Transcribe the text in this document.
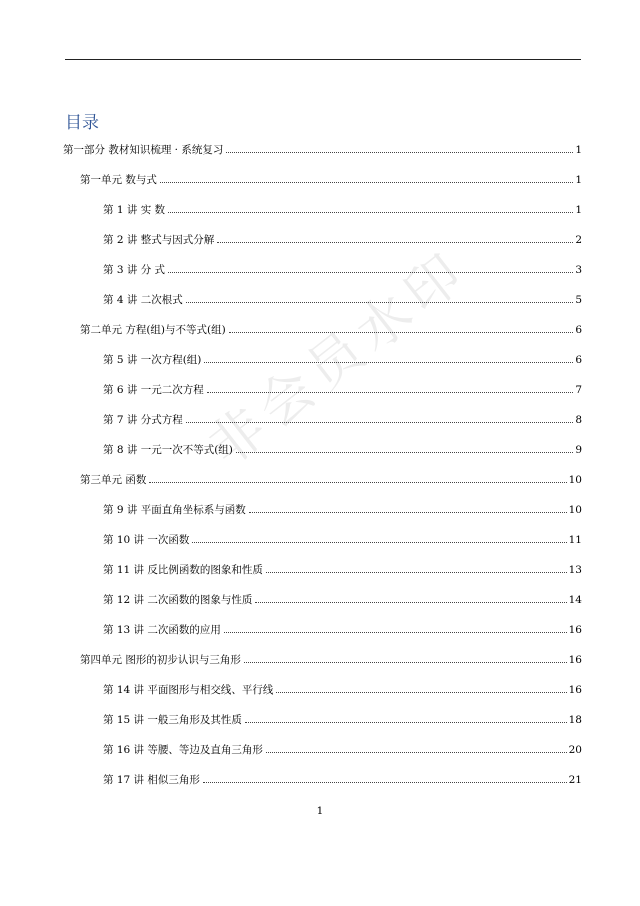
目录
非会员水印
第一部分 教材知识梳理 · 系统复习	1
第一单元 数与式	1
第 1 讲 实 数	1
第 2 讲 整式与因式分解	2
第 3 讲 分 式	3
第 4 讲 二次根式	5
第二单元 方程(组)与不等式(组)	6
第 5 讲 一次方程(组)	6
第 6 讲 一元二次方程	7
第 7 讲 分式方程	8
第 8 讲 一元一次不等式(组)	9
第三单元 函数	10
第 9 讲 平面直角坐标系与函数	10
第 10 讲 一次函数	11
第 11 讲 反比例函数的图象和性质	13
第 12 讲 二次函数的图象与性质	14
第 13 讲 二次函数的应用	16
第四单元 图形的初步认识与三角形	16
第 14 讲 平面图形与相交线、平行线	16
第 15 讲 一般三角形及其性质	18
第 16 讲 等腰、等边及直角三角形	20
第 17 讲 相似三角形	21
1
